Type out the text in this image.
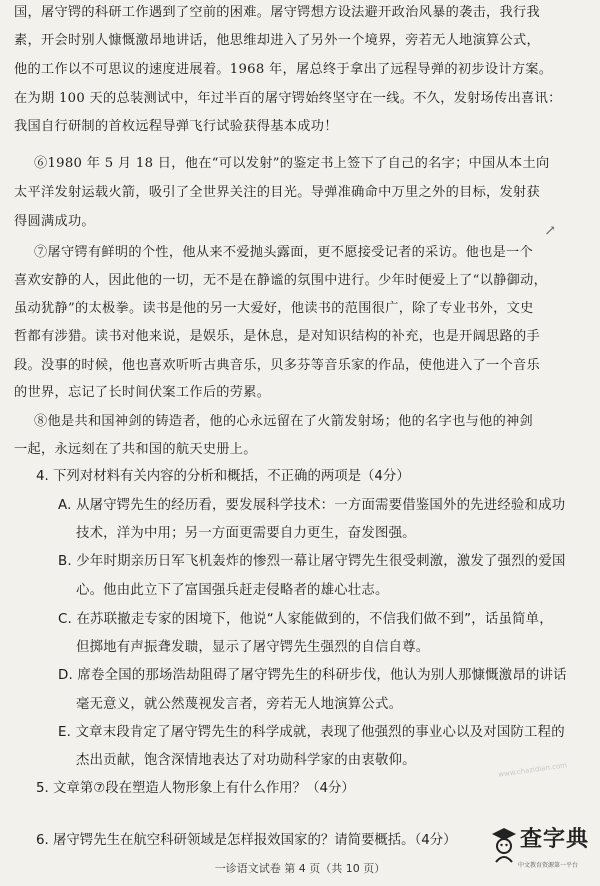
国，屠守锷的科研工作遇到了空前的困难。屠守锷想方设法避开政治风暴的袭击，我行我
素，开会时别人慷慨激昂地讲话，他思维却进入了另外一个境界，旁若无人地演算公式，
他的工作以不可思议的速度进展着。1968 年，屠总终于拿出了远程导弹的初步设计方案。
在为期 100 天的总装测试中，年过半百的屠守锷始终坚守在一线。不久，发射场传出喜讯：
我国自行研制的首枚远程导弹飞行试验获得基本成功！
⑥1980 年 5 月 18 日，他在“可以发射”的鉴定书上签下了自己的名字；中国从本土向
太平洋发射运载火箭，吸引了全世界关注的目光。导弹准确命中万里之外的目标，发射获
得圆满成功。
↗
⑦屠守锷有鲜明的个性，他从来不爱抛头露面，更不愿接受记者的采访。他也是一个
喜欢安静的人，因此他的一切，无不是在静谧的氛围中进行。少年时便爱上了“以静御动，
虽动犹静”的太极拳。读书是他的另一大爱好，他读书的范围很广，除了专业书外，文史
哲都有涉猎。读书对他来说，是娱乐，是休息，是对知识结构的补充，也是开阔思路的手
段。没事的时候，他也喜欢听听古典音乐，贝多芬等音乐家的作品，使他进入了一个音乐
的世界，忘记了长时间伏案工作后的劳累。
⑧他是共和国神剑的铸造者，他的心永远留在了火箭发射场；他的名字也与他的神剑
一起，永远刻在了共和国的航天史册上。
4. 下列对材料有关内容的分析和概括，不正确的两项是（4分）
A. 从屠守锷先生的经历看，要发展科学技术：一方面需要借鉴国外的先进经验和成功
技术，洋为中用；另一方面更需要自力更生，奋发图强。
B. 少年时期亲历日军飞机轰炸的惨烈一幕让屠守锷先生很受刺激，激发了强烈的爱国
心。他由此立下了富国强兵赶走侵略者的雄心壮志。
C. 在苏联撤走专家的困境下，他说“人家能做到的，不信我们做不到”，话虽简单，
但掷地有声振聋发聩，显示了屠守锷先生强烈的自信自尊。
D. 席卷全国的那场浩劫阻碍了屠守锷先生的科研步伐，他认为别人那慷慨激昂的讲话
毫无意义，就公然蔑视发言者，旁若无人地演算公式。
E. 文章末段肯定了屠守锷先生的科学成就，表现了他强烈的事业心以及对国防工程的
杰出贡献，饱含深情地表达了对功勋科学家的由衷敬仰。
5. 文章第⑦段在塑造人物形象上有什么作用？（4分）
6. 屠守锷先生在航空科研领域是怎样报效国家的？请简要概括。（4分）
一诊语文试卷 第 4 页（共 10 页）
www.chazidian.com
查字典
中文教育资源第一平台
